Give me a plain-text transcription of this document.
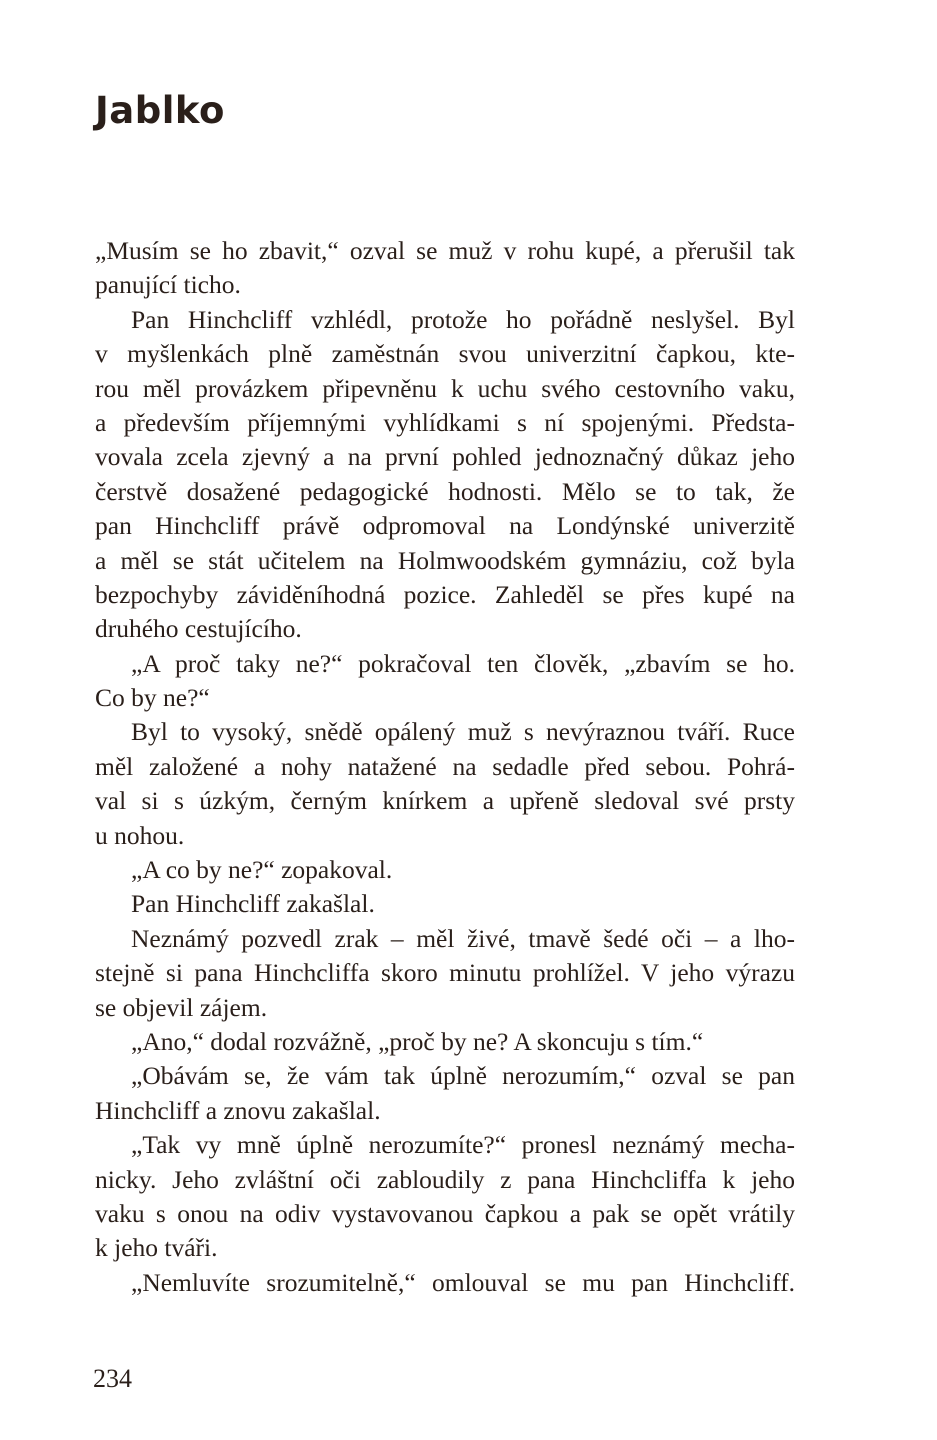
Jablko
„Musím se ho zbavit,“ ozval se muž v rohu kupé, a přerušil tak
panující ticho.
Pan Hinchcliff vzhlédl, protože ho pořádně neslyšel. Byl
v myšlenkách plně zaměstnán svou univerzitní čapkou, kte-
rou měl provázkem připevněnu k uchu svého cestovního vaku,
a především příjemnými vyhlídkami s ní spojenými. Předsta-
vovala zcela zjevný a na první pohled jednoznačný důkaz jeho
čerstvě dosažené pedagogické hodnosti. Mělo se to tak, že
pan Hinchcliff právě odpromoval na Londýnské univerzitě
a měl se stát učitelem na Holmwoodském gymnáziu, což byla
bezpochyby záviděníhodná pozice. Zahleděl se přes kupé na
druhého cestujícího.
„A proč taky ne?“ pokračoval ten člověk, „zbavím se ho.
Co by ne?“
Byl to vysoký, snědě opálený muž s nevýraznou tváří. Ruce
měl založené a nohy natažené na sedadle před sebou. Pohrá-
val si s úzkým, černým knírkem a upřeně sledoval své prsty
u nohou.
„A co by ne?“ zopakoval.
Pan Hinchcliff zakašlal.
Neznámý pozvedl zrak – měl živé, tmavě šedé oči – a lho-
stejně si pana Hinchcliffa skoro minutu prohlížel. V jeho výrazu
se objevil zájem.
„Ano,“ dodal rozvážně, „proč by ne? A skoncuju s tím.“
„Obávám se, že vám tak úplně nerozumím,“ ozval se pan
Hinchcliff a znovu zakašlal.
„Tak vy mně úplně nerozumíte?“ pronesl neznámý mecha-
nicky. Jeho zvláštní oči zabloudily z pana Hinchcliffa k jeho
vaku s onou na odiv vystavovanou čapkou a pak se opět vrátily
k jeho tváři.
„Nemluvíte srozumitelně,“ omlouval se mu pan Hinchcliff.
234
